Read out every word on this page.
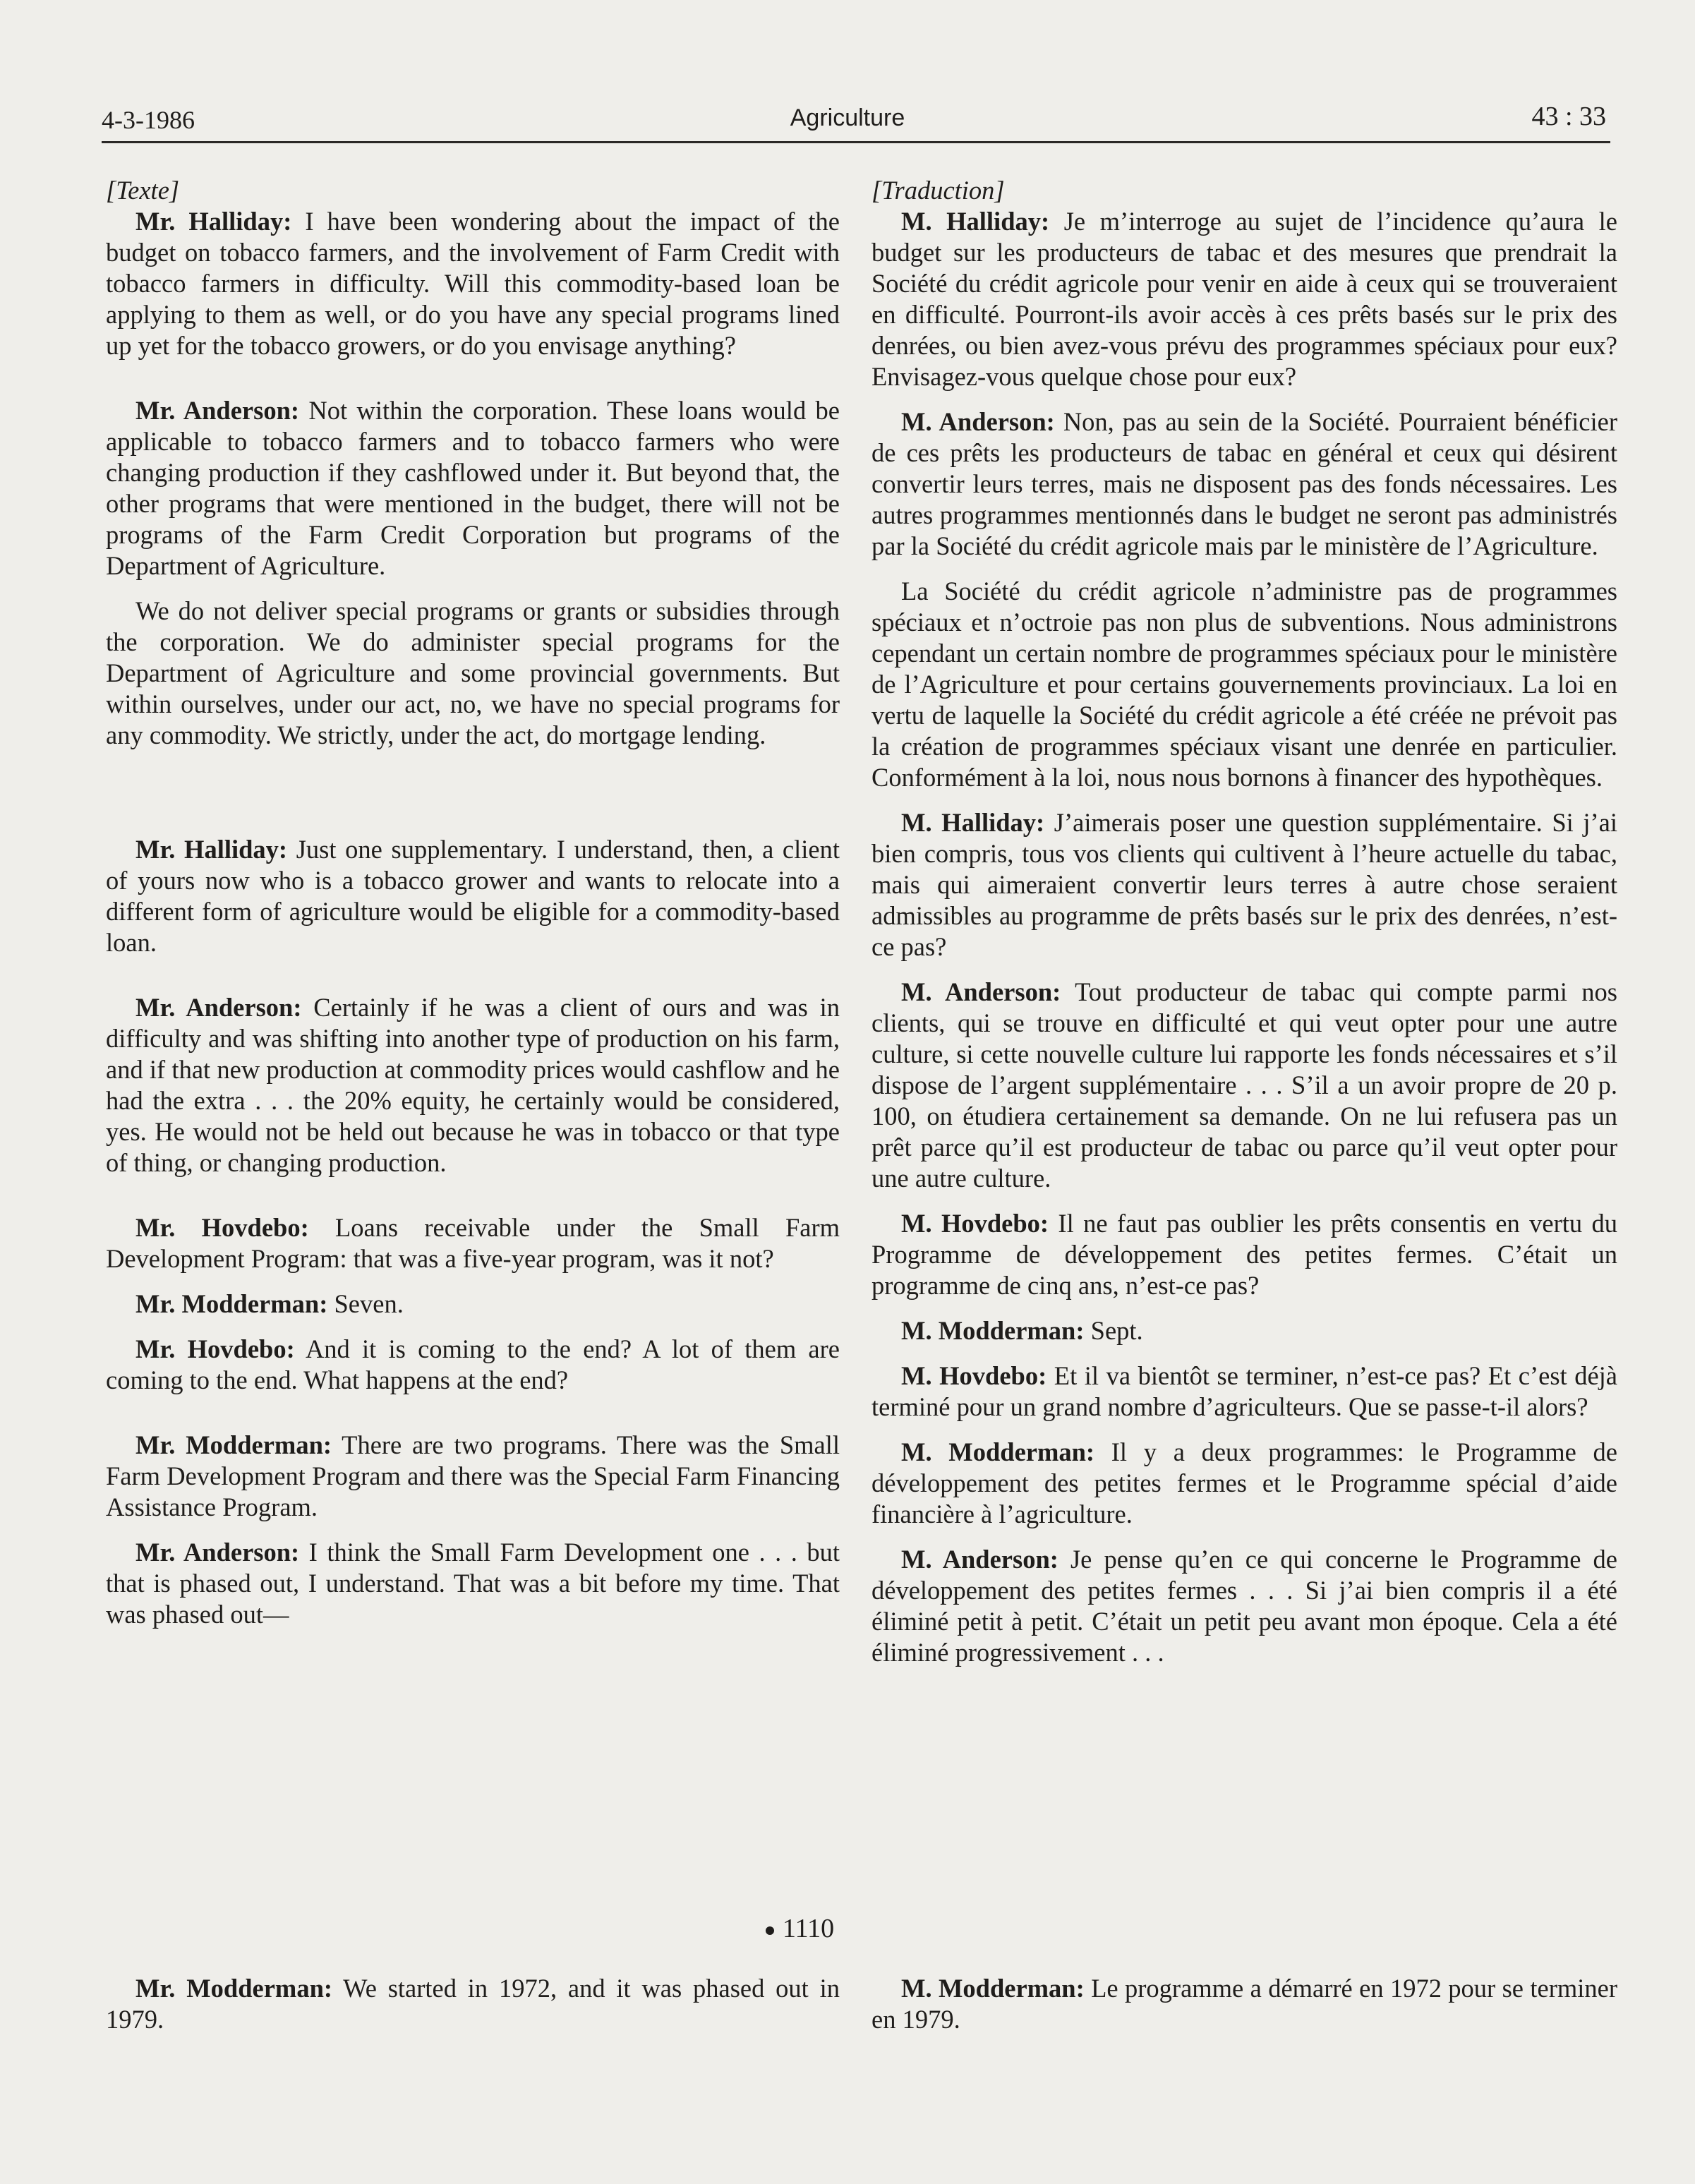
4-3-1986	Agriculture	43 : 33

[Texte]

Mr. Halliday: I have been wondering about the impact of the budget on tobacco farmers, and the involvement of Farm Credit with tobacco farmers in difficulty. Will this commodity-based loan be applying to them as well, or do you have any special programs lined up yet for the tobacco growers, or do you envisage anything?

Mr. Anderson: Not within the corporation. These loans would be applicable to tobacco farmers and to tobacco farmers who were changing production if they cashflowed under it. But beyond that, the other programs that were mentioned in the budget, there will not be programs of the Farm Credit Corporation but programs of the Department of Agriculture.

We do not deliver special programs or grants or subsidies through the corporation. We do administer special programs for the Department of Agriculture and some provincial governments. But within ourselves, under our act, no, we have no special programs for any commodity. We strictly, under the act, do mortgage lending.

Mr. Halliday: Just one supplementary. I understand, then, a client of yours now who is a tobacco grower and wants to relocate into a different form of agriculture would be eligible for a commodity-based loan.

Mr. Anderson: Certainly if he was a client of ours and was in difficulty and was shifting into another type of production on his farm, and if that new production at commodity prices would cashflow and he had the extra . . . the 20% equity, he certainly would be considered, yes. He would not be held out because he was in tobacco or that type of thing, or changing production.

Mr. Hovdebo: Loans receivable under the Small Farm Development Program: that was a five-year program, was it not?

Mr. Modderman: Seven.

Mr. Hovdebo: And it is coming to the end? A lot of them are coming to the end. What happens at the end?

Mr. Modderman: There are two programs. There was the Small Farm Development Program and there was the Special Farm Financing Assistance Program.

Mr. Anderson: I think the Small Farm Development one . . . but that is phased out, I understand. That was a bit before my time. That was phased out—

1110

Mr. Modderman: We started in 1972, and it was phased out in 1979.

[Traduction]

M. Halliday: Je m’interroge au sujet de l’incidence qu’aura le budget sur les producteurs de tabac et des mesures que prendrait la Société du crédit agricole pour venir en aide à ceux qui se trouveraient en difficulté. Pourront-ils avoir accès à ces prêts basés sur le prix des denrées, ou bien avez-vous prévu des programmes spéciaux pour eux? Envisagez-vous quelque chose pour eux?

M. Anderson: Non, pas au sein de la Société. Pourraient bénéficier de ces prêts les producteurs de tabac en général et ceux qui désirent convertir leurs terres, mais ne disposent pas des fonds nécessaires. Les autres programmes mentionnés dans le budget ne seront pas administrés par la Société du crédit agricole mais par le ministère de l’Agriculture.

La Société du crédit agricole n’administre pas de programmes spéciaux et n’octroie pas non plus de subventions. Nous administrons cependant un certain nombre de programmes spéciaux pour le ministère de l’Agriculture et pour certains gouvernements provinciaux. La loi en vertu de laquelle la Société du crédit agricole a été créée ne prévoit pas la création de programmes spéciaux visant une denrée en particulier. Conformément à la loi, nous nous bornons à financer des hypothèques.

M. Halliday: J’aimerais poser une question supplémentaire. Si j’ai bien compris, tous vos clients qui cultivent à l’heure actuelle du tabac, mais qui aimeraient convertir leurs terres à autre chose seraient admissibles au programme de prêts basés sur le prix des denrées, n’est-ce pas?

M. Anderson: Tout producteur de tabac qui compte parmi nos clients, qui se trouve en difficulté et qui veut opter pour une autre culture, si cette nouvelle culture lui rapporte les fonds nécessaires et s’il dispose de l’argent supplémentaire . . . S’il a un avoir propre de 20 p. 100, on étudiera certainement sa demande. On ne lui refusera pas un prêt parce qu’il est producteur de tabac ou parce qu’il veut opter pour une autre culture.

M. Hovdebo: Il ne faut pas oublier les prêts consentis en vertu du Programme de développement des petites fermes. C’était un programme de cinq ans, n’est-ce pas?

M. Modderman: Sept.

M. Hovdebo: Et il va bientôt se terminer, n’est-ce pas? Et c’est déjà terminé pour un grand nombre d’agriculteurs. Que se passe-t-il alors?

M. Modderman: Il y a deux programmes: le Programme de développement des petites fermes et le Programme spécial d’aide financière à l’agriculture.

M. Anderson: Je pense qu’en ce qui concerne le Programme de développement des petites fermes . . . Si j’ai bien compris il a été éliminé petit à petit. C’était un petit peu avant mon époque. Cela a été éliminé progressivement . . .

M. Modderman: Le programme a démarré en 1972 pour se terminer en 1979.
